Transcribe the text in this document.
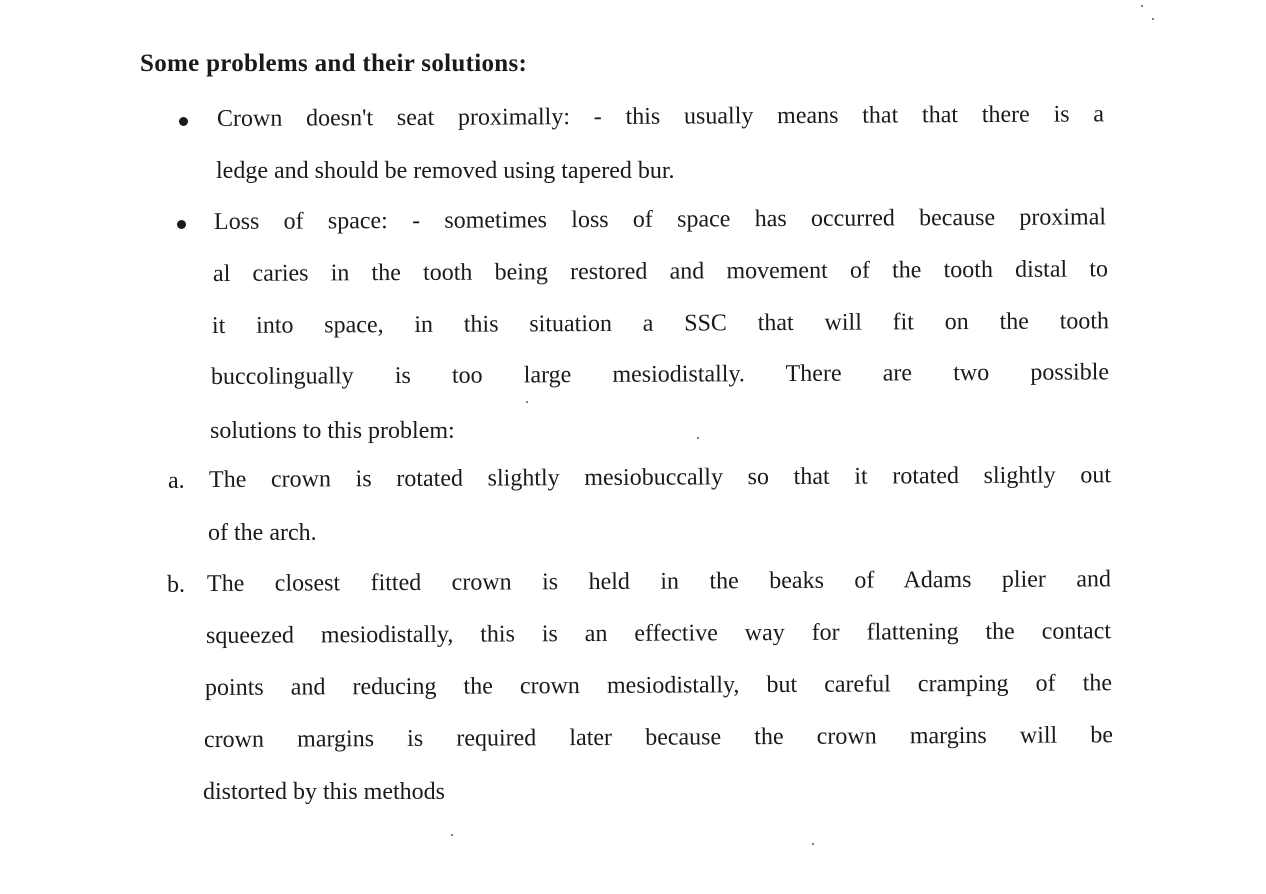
Some problems and their solutions:
Crown doesn't seat proximally: - this usually means that that there is a
ledge and should be removed using tapered bur.
Loss of space: - sometimes loss of space has occurred because proximal
al caries in the tooth being restored and movement of the tooth distal to
it into space, in this situation a SSC that will fit on the tooth
buccolingually is too large mesiodistally. There are two possible
solutions to this problem:
a. The crown is rotated slightly mesiobuccally so that it rotated slightly out
of the arch.
b. The closest fitted crown is held in the beaks of Adams plier and
squeezed mesiodistally, this is an effective way for flattening the contact
points and reducing the crown mesiodistally, but careful cramping of the
crown margins is required later because the crown margins will be
distorted by this methods
